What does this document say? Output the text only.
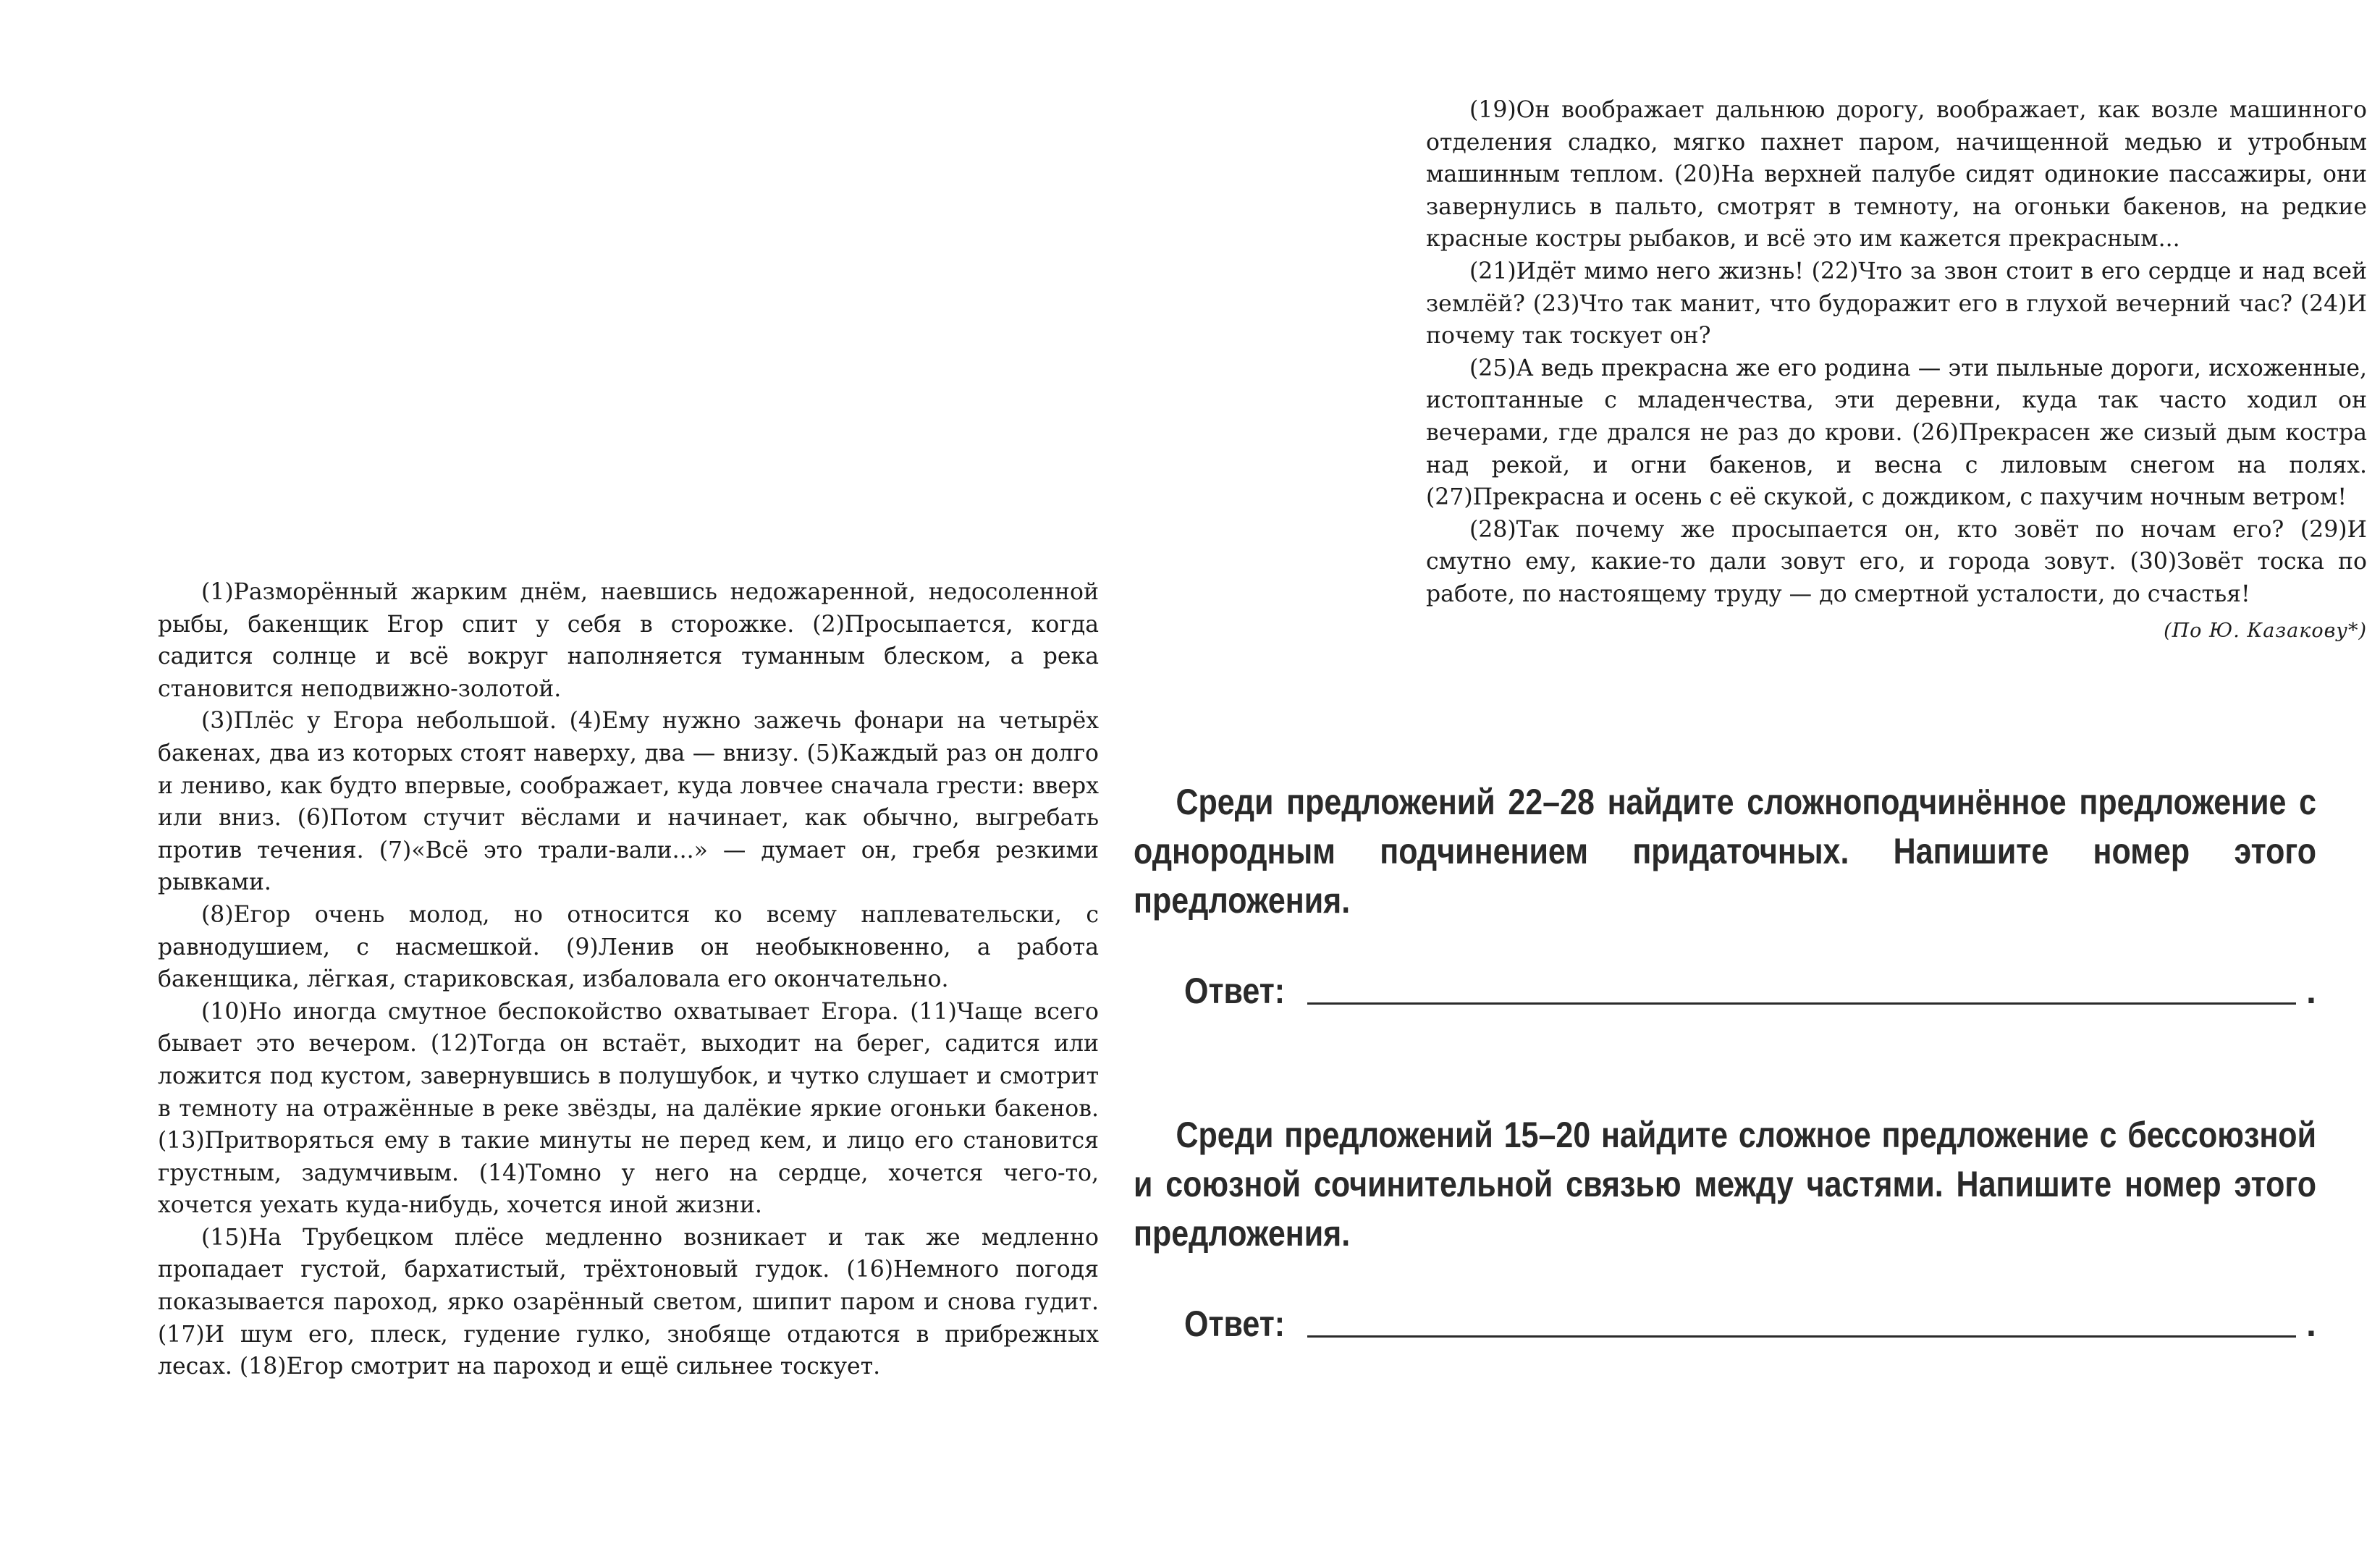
(1)Разморённый жарким днём, наевшись недожаренной, недосоленной рыбы, бакенщик Егор спит у себя в сторожке. (2)Просыпается, когда садится солнце и всё вокруг наполняется туманным блеском, а река становится неподвижно-золотой.

(3)Плёс у Егора небольшой. (4)Ему нужно зажечь фонари на четырёх бакенах, два из которых стоят наверху, два — внизу. (5)Каждый раз он долго и лениво, как будто впервые, соображает, куда ловчее сначала грести: вверх или вниз. (6)Потом стучит вёслами и начинает, как обычно, выгребать против течения. (7)«Всё это трали-вали...» — думает он, гребя резкими рывками.

(8)Егор очень молод, но относится ко всему наплевательски, с равнодушием, с насмешкой. (9)Ленив он необыкновенно, а работа бакенщика, лёгкая, стариковская, избаловала его окончательно.

(10)Но иногда смутное беспокойство охватывает Егора. (11)Чаще всего бывает это вечером. (12)Тогда он встаёт, выходит на берег, садится или ложится под кустом, завернувшись в полушубок, и чутко слушает и смотрит в темноту на отражённые в реке звёзды, на далёкие яркие огоньки бакенов. (13)Притворяться ему в такие минуты не перед кем, и лицо его становится грустным, задумчивым. (14)Томно у него на сердце, хочется чего-то, хочется уехать куда-нибудь, хочется иной жизни.

(15)На Трубецком плёсе медленно возникает и так же медленно пропадает густой, бархатистый, трёхтоновый гудок. (16)Немного погодя показывается пароход, ярко озарённый светом, шипит паром и снова гудит. (17)И шум его, плеск, гудение гулко, знобяще отдаются в прибрежных лесах. (18)Егор смотрит на пароход и ещё сильнее тоскует.

(19)Он воображает дальнюю дорогу, воображает, как возле машинного отделения сладко, мягко пахнет паром, начищенной медью и утробным машинным теплом. (20)На верхней палубе сидят одинокие пассажиры, они завернулись в пальто, смотрят в темноту, на огоньки бакенов, на редкие красные костры рыбаков, и всё это им кажется прекрасным...

(21)Идёт мимо него жизнь! (22)Что за звон стоит в его сердце и над всей землёй? (23)Что так манит, что будоражит его в глухой вечерний час? (24)И почему так тоскует он?

(25)А ведь прекрасна же его родина — эти пыльные дороги, исхоженные, истоптанные с младенчества, эти деревни, куда так часто ходил он вечерами, где дрался не раз до крови. (26)Прекрасен же сизый дым костра над рекой, и огни бакенов, и весна с лиловым снегом на полях. (27)Прекрасна и осень с её скукой, с дождиком, с пахучим ночным ветром!

(28)Так почему же просыпается он, кто зовёт по ночам его? (29)И смутно ему, какие-то дали зовут его, и города зовут. (30)Зовёт тоска по работе, по настоящему труду — до смертной усталости, до счастья!

(По Ю. Казакову*)

Среди предложений 22–28 найдите сложноподчинённое предложение с однородным подчинением придаточных. Напишите номер этого предложения.

Ответ:	.

Среди предложений 15–20 найдите сложное предложение с бессоюзной и союзной сочинительной связью между частями. Напишите номер этого предложения.

Ответ:	.
